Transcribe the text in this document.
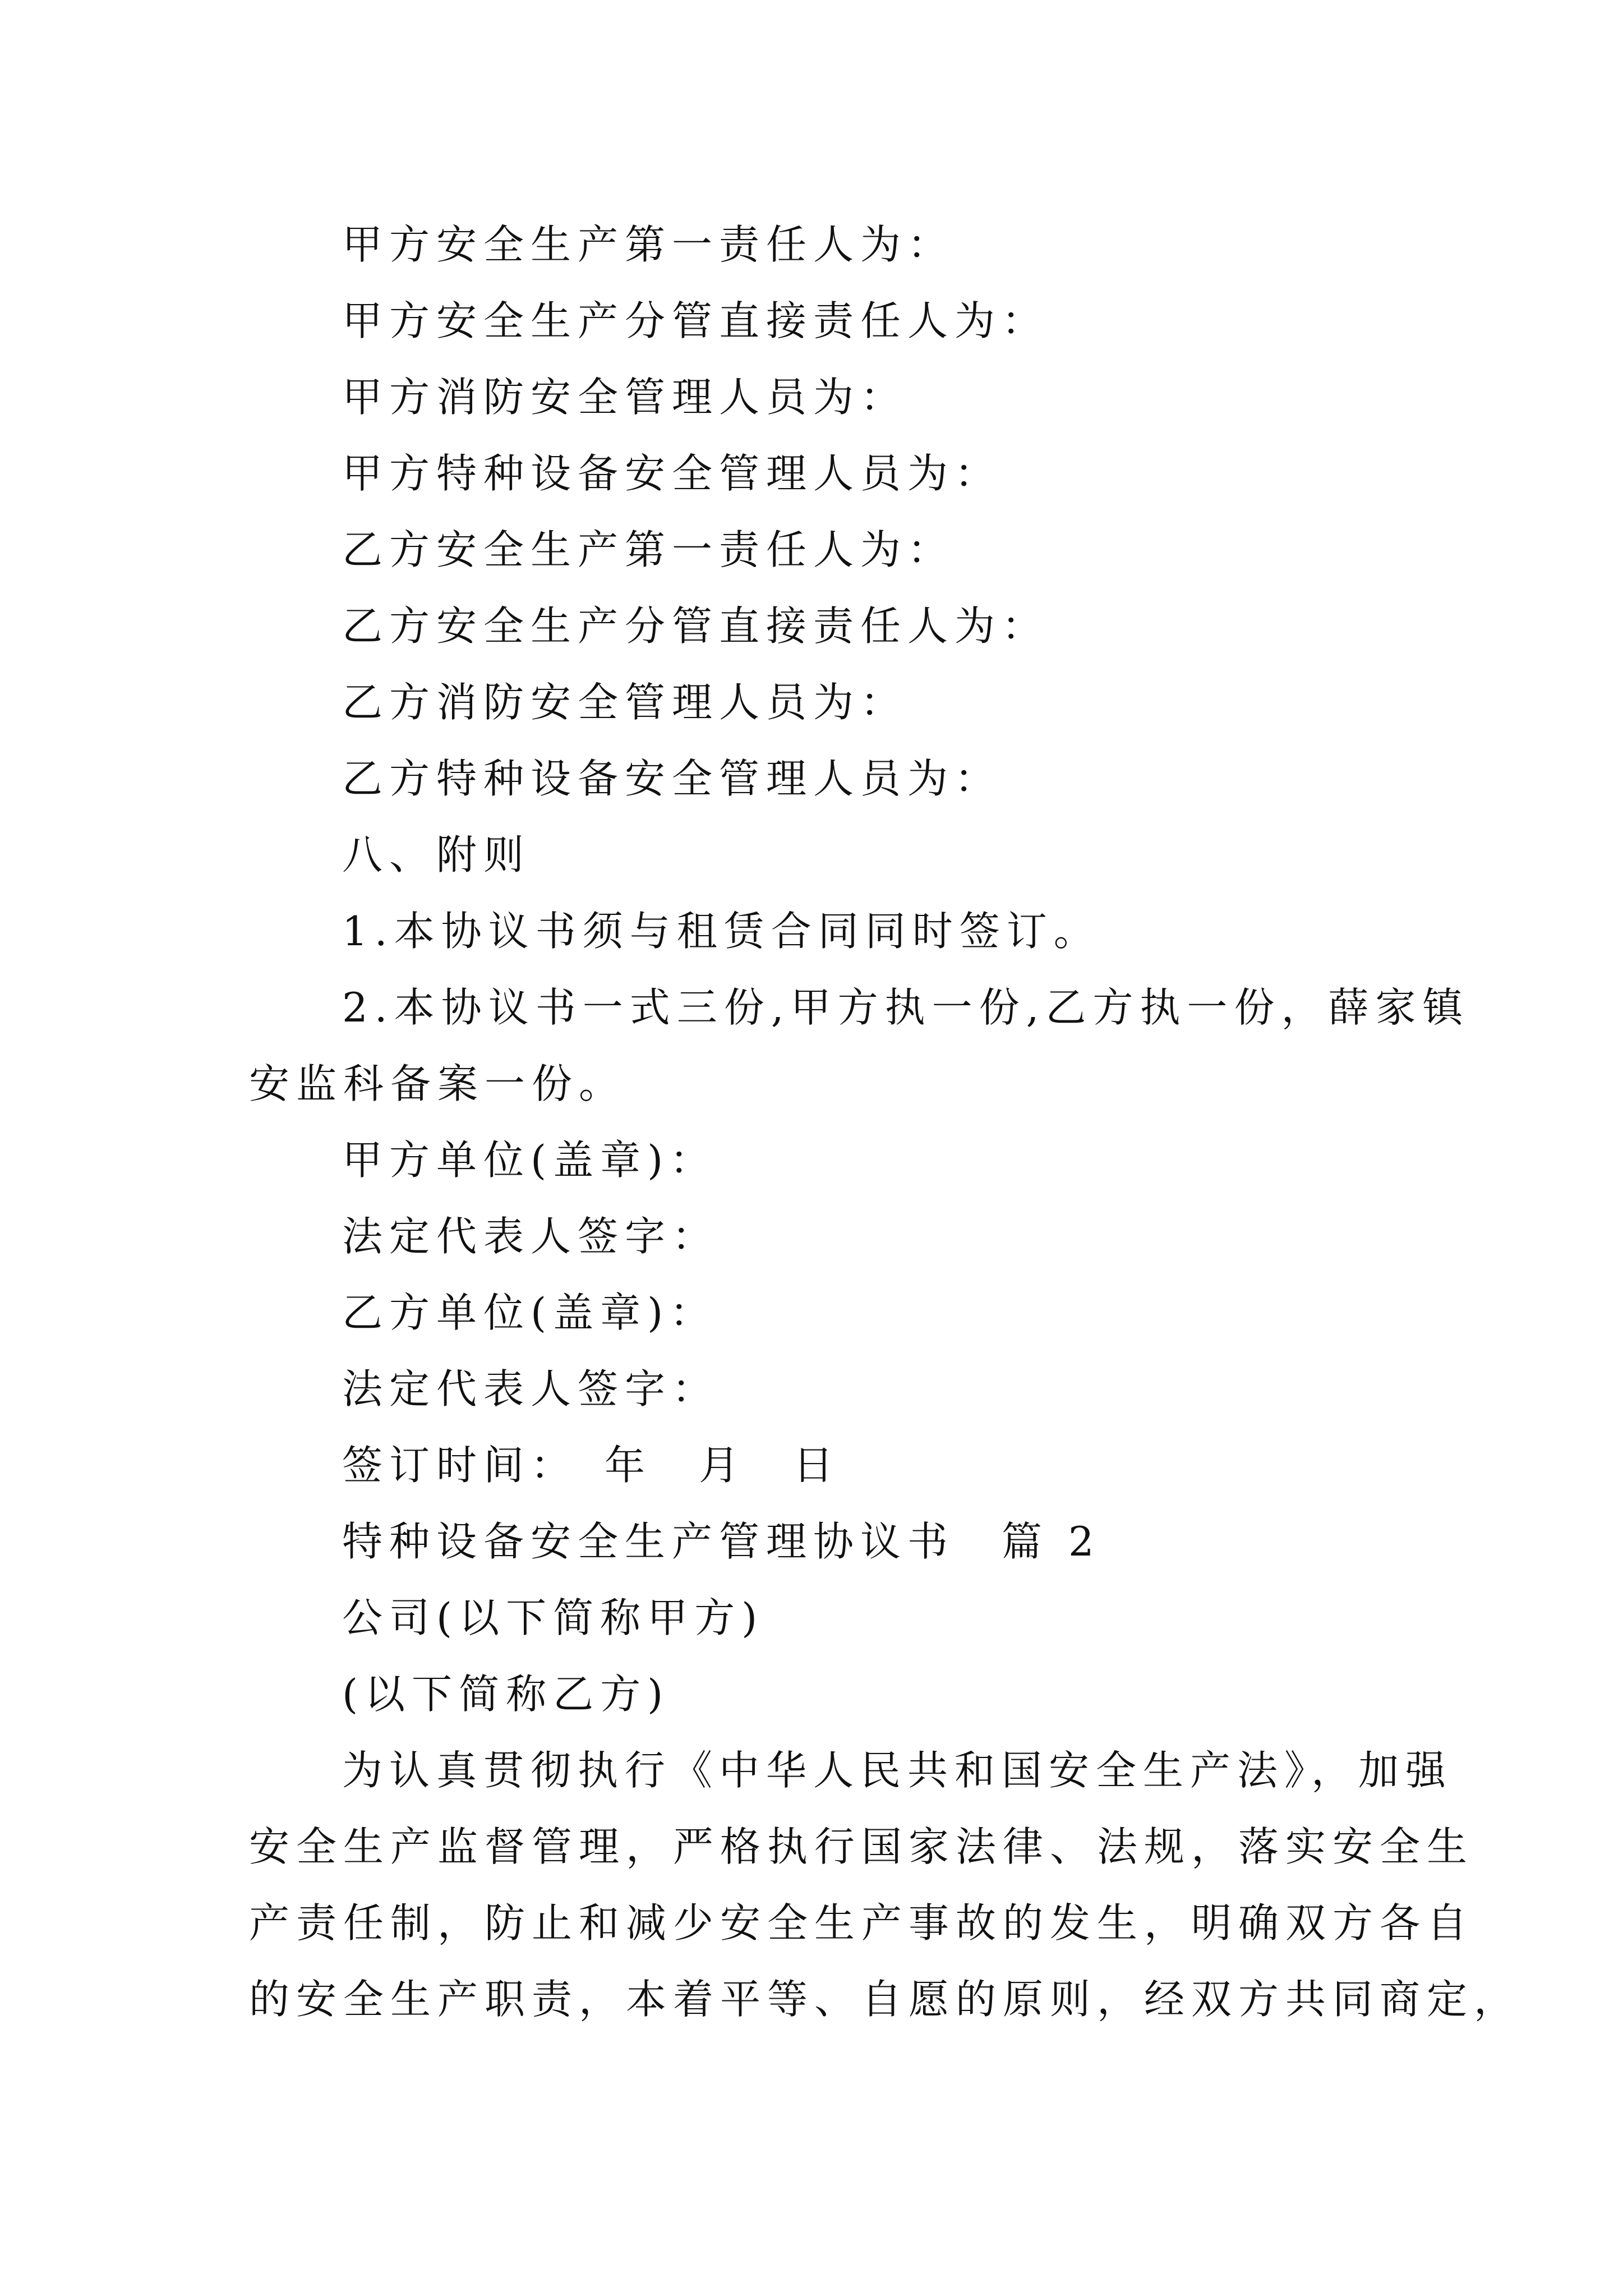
甲方安全生产第一责任人为：

甲方安全生产分管直接责任人为：

甲方消防安全管理人员为：

甲方特种设备安全管理人员为：

乙方安全生产第一责任人为：

乙方安全生产分管直接责任人为：

乙方消防安全管理人员为：

乙方特种设备安全管理人员为：

八、附则

1.本协议书须与租赁合同同时签订。

2.本协议书一式三份,甲方执一份,乙方执一份，薛家镇
安监科备案一份。

甲方单位(盖章)：

法定代表人签字：

乙方单位(盖章)：

法定代表人签字：

签订时间：　年　月　日

特种设备安全生产管理协议书　篇 2

公司(以下简称甲方)

(以下简称乙方)

为认真贯彻执行《中华人民共和国安全生产法》，加强
安全生产监督管理，严格执行国家法律、法规，落实安全生
产责任制，防止和减少安全生产事故的发生，明确双方各自
的安全生产职责，本着平等、自愿的原则，经双方共同商定，
